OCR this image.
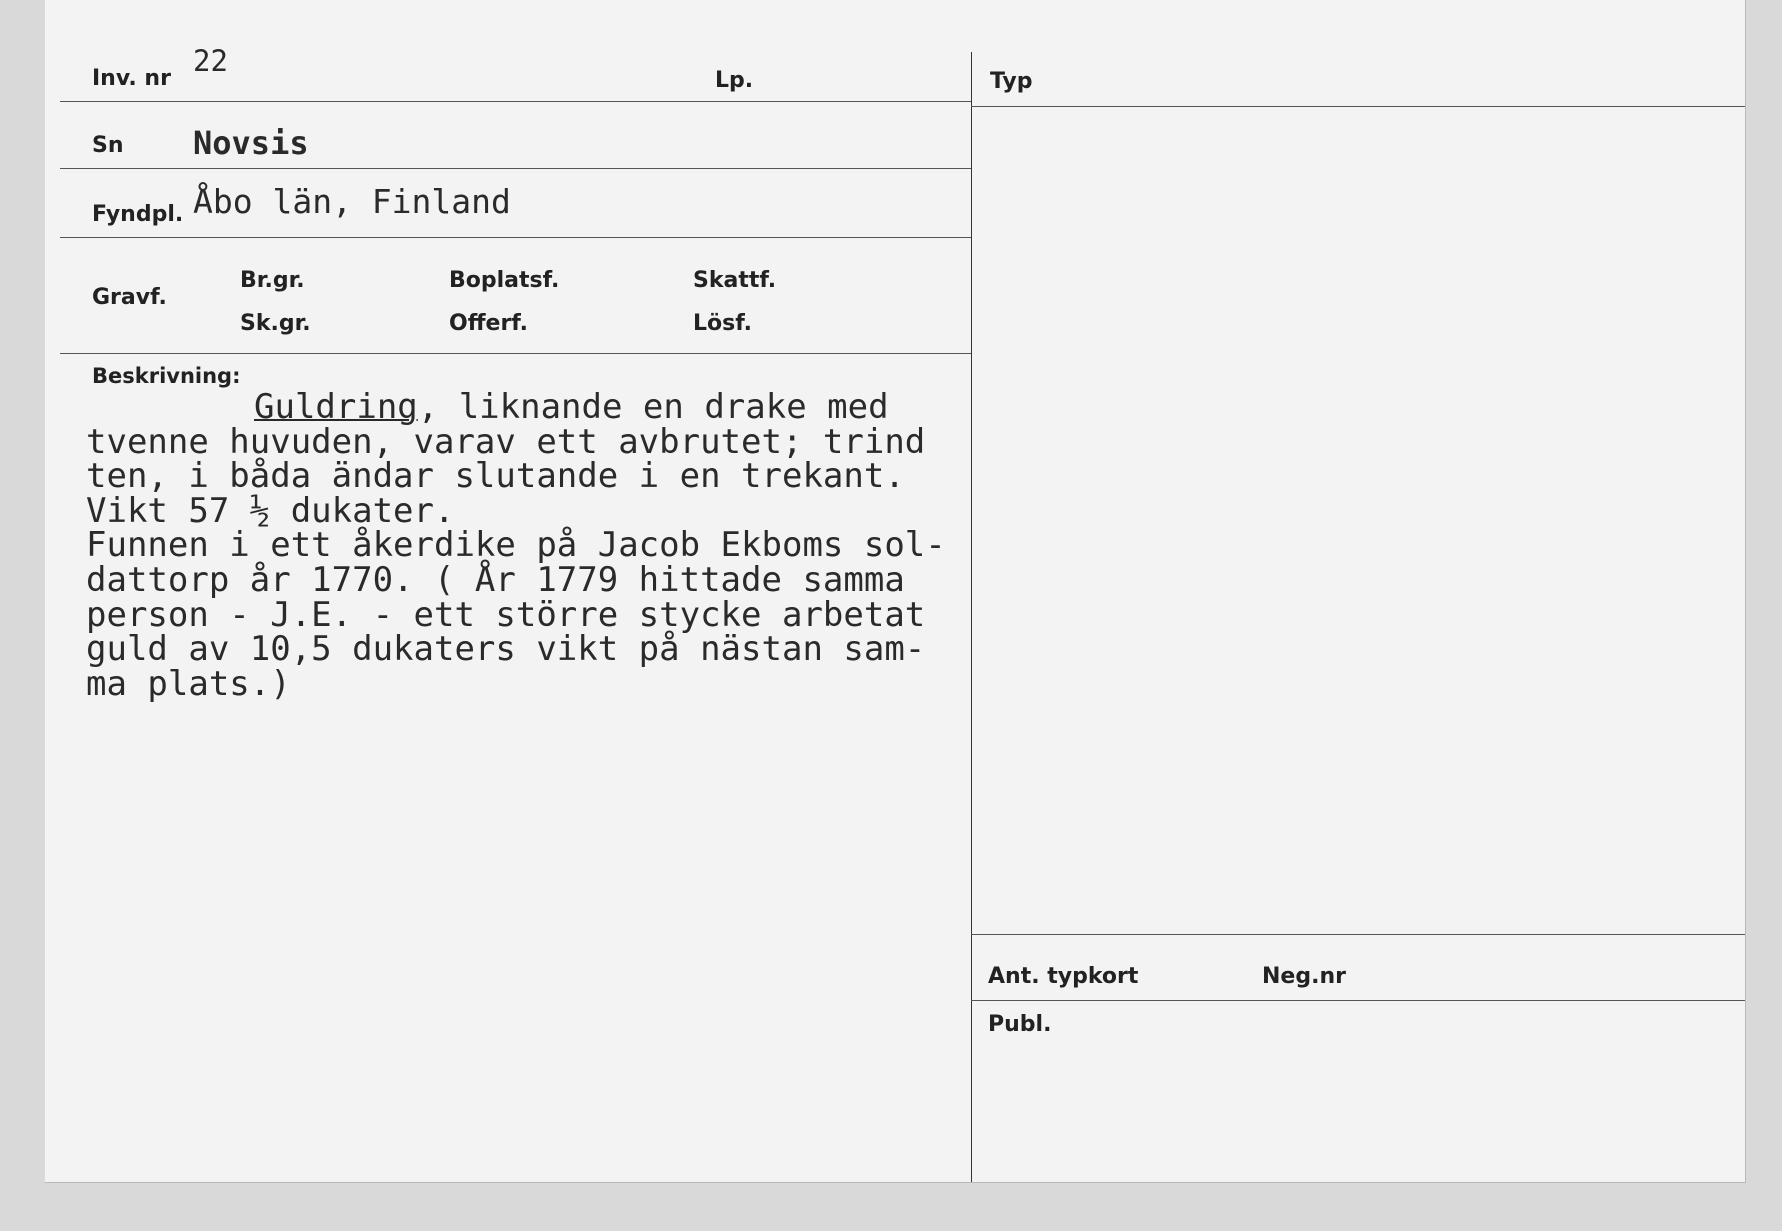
Inv. nr
22
Lp.	Typ
Sn Novsis
Fyndpl. Åbo län, Finland
Gravf.
Br.gr.
Sk.gr.
Boplatsf.
Offerf.
Skattf.
Lösf.
Beskrivning:
Ant. typkort	Neg.nr
Publ.
Guldring, liknande en drake med
tvenne huvuden, varav ett avbrutet; trind
ten, i båda ändar slutande i en trekant.
Vikt 57 ½ dukater.
Funnen i ett åkerdike på Jacob Ekboms sol-
dattorp år 1770. ( År 1779 hittade samma
person - J.E. - ett större stycke arbetat
guld av 10,5 dukaters vikt på nästan sam-
ma plats.)
